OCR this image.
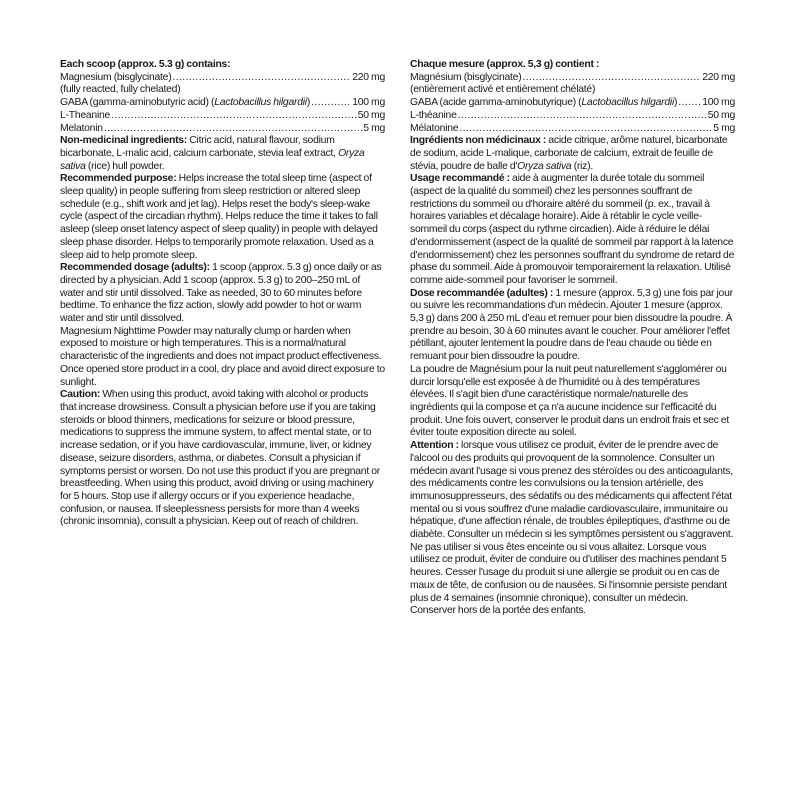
Each scoop (approx. 5.3 g) contains:

Magnesium (bisglycinate) .....	220 mg

(fully reacted, fully chelated)

GABA (gamma-aminobutyric acid) (Lactobacillus hilgardii) .....	100 mg
L-Theanine .....	50 mg
Melatonin .....	5 mg

Non-medicinal ingredients: Citric acid, natural flavour, sodium bicarbonate, L-malic acid, calcium carbonate, stevia leaf extract, Oryza sativa (rice) hull powder.

Recommended purpose: Helps increase the total sleep time (aspect of sleep quality) in people suffering from sleep restriction or altered sleep schedule (e.g., shift work and jet lag). Helps reset the body's sleep-wake cycle (aspect of the circadian rhythm). Helps reduce the time it takes to fall asleep (sleep onset latency aspect of sleep quality) in people with delayed sleep phase disorder. Helps to temporarily promote relaxation. Used as a sleep aid to help promote sleep.

Recommended dosage (adults): 1 scoop (approx. 5.3 g) once daily or as directed by a physician. Add 1 scoop (approx. 5.3 g) to 200–250 mL of water and stir until dissolved. Take as needed, 30 to 60 minutes before bedtime. To enhance the fizz action, slowly add powder to hot or warm water and stir until dissolved.

Magnesium Nighttime Powder may naturally clump or harden when exposed to moisture or high temperatures. This is a normal/natural characteristic of the ingredients and does not impact product effectiveness. Once opened store product in a cool, dry place and avoid direct exposure to sunlight.

Caution: When using this product, avoid taking with alcohol or products that increase drowsiness. Consult a physician before use if you are taking steroids or blood thinners, medications for seizure or blood pressure, medications to suppress the immune system, to affect mental state, or to increase sedation, or if you have cardiovascular, immune, liver, or kidney disease, seizure disorders, asthma, or diabetes. Consult a physician if symptoms persist or worsen. Do not use this product if you are pregnant or breastfeeding. When using this product, avoid driving or using machinery for 5 hours. Stop use if allergy occurs or if you experience headache, confusion, or nausea. If sleeplessness persists for more than 4 weeks (chronic insomnia), consult a physician. Keep out of reach of children.

Chaque mesure (approx. 5,3 g) contient :

Magnésium (bisglycinate) .....	220 mg

(entièrement activé et entièrement chélaté)

GABA (acide gamma-aminobutyrique) (Lactobacillus hilgardii) ..... 100 mg
L-théanine .....	50 mg
Mélatonine .....	5 mg

Ingrédients non médicinaux : acide citrique, arôme naturel, bicarbonate de sodium, acide L-malique, carbonate de calcium, extrait de feuille de stévia, poudre de balle d'Oryza sativa (riz).

Usage recommandé : aide à augmenter la durée totale du sommeil (aspect de la qualité du sommeil) chez les personnes souffrant de restrictions du sommeil ou d'horaire altéré du sommeil (p. ex., travail à horaires variables et décalage horaire). Aide à rétablir le cycle veille-sommeil du corps (aspect du rythme circadien). Aide à réduire le délai d'endormissement (aspect de la qualité de sommeil par rapport à la latence d'endormissement) chez les personnes souffrant du syndrome de retard de phase du sommeil. Aide à promouvoir temporairement la relaxation. Utilisé comme aide-sommeil pour favoriser le sommeil.

Dose recommandée (adultes) : 1 mesure (approx. 5,3 g) une fois par jour ou suivre les recommandations d'un médecin. Ajouter 1 mesure (approx. 5,3 g) dans 200 à 250 mL d'eau et remuer pour bien dissoudre la poudre. À prendre au besoin, 30 à 60 minutes avant le coucher. Pour améliorer l'effet pétillant, ajouter lentement la poudre dans de l'eau chaude ou tiède en remuant pour bien dissoudre la poudre.

La poudre de Magnésium pour la nuit peut naturellement s'agglomérer ou durcir lorsqu'elle est exposée à de l'humidité ou à des températures élevées. Il s'agit bien d'une caractéristique normale/naturelle des ingrédients qui la compose et ça n'a aucune incidence sur l'efficacité du produit. Une fois ouvert, conserver le produit dans un endroit frais et sec et éviter toute exposition directe au soleil.

Attention : lorsque vous utilisez ce produit, éviter de le prendre avec de l'alcool ou des produits qui provoquent de la somnolence. Consulter un médecin avant l'usage si vous prenez des stéroïdes ou des anticoagulants, des médicaments contre les convulsions ou la tension artérielle, des immunosuppresseurs, des sédatifs ou des médicaments qui affectent l'état mental ou si vous souffrez d'une maladie cardiovasculaire, immunitaire ou hépatique, d'une affection rénale, de troubles épileptiques, d'asthme ou de diabète. Consulter un médecin si les symptômes persistent ou s'aggravent. Ne pas utiliser si vous êtes enceinte ou si vous allaitez. Lorsque vous utilisez ce produit, éviter de conduire ou d'utiliser des machines pendant 5 heures. Cesser l'usage du produit si une allergie se produit ou en cas de maux de tête, de confusion ou de nausées. Si l'insomnie persiste pendant plus de 4 semaines (insomnie chronique), consulter un médecin. Conserver hors de la portée des enfants.
